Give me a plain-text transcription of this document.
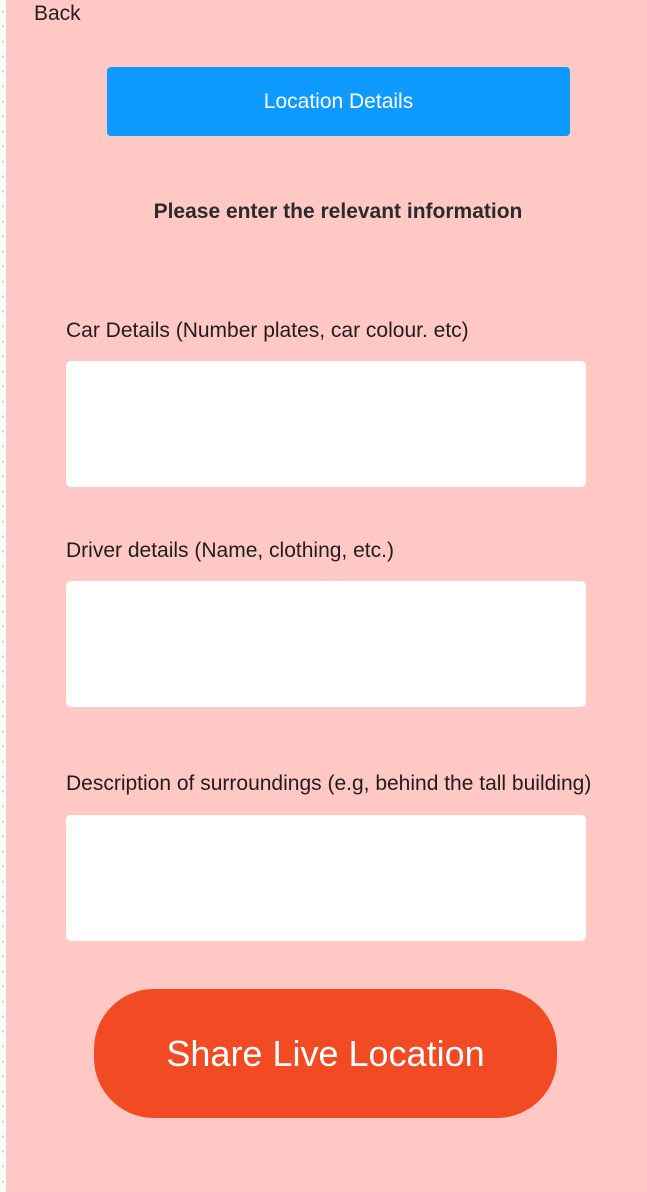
Back
Location Details
Please enter the relevant information
Car Details (Number plates, car colour. etc)
Driver details (Name, clothing, etc.)
Description of surroundings (e.g, behind the tall building)
Share Live Location
